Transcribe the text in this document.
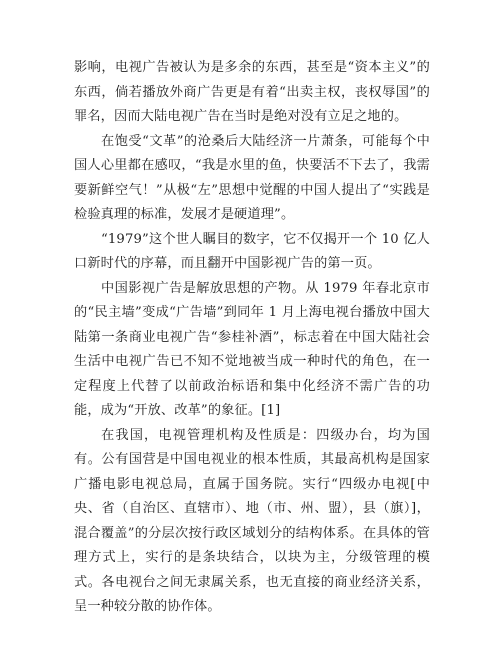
影响，电视广告被认为是多余的东西，甚至是“资本主义”的东西，倘若播放外商广告更是有着“出卖主权，丧权辱国”的罪名，因而大陆电视广告在当时是绝对没有立足之地的。

在饱受“文革”的沧桑后大陆经济一片萧条，可能每个中国人心里都在感叹，“我是水里的鱼，快要活不下去了，我需要新鲜空气！”从极“左”思想中觉醒的中国人提出了“实践是检验真理的标准，发展才是硬道理”。

“1979”这个世人瞩目的数字，它不仅揭开一个 10 亿人口新时代的序幕，而且翻开中国影视广告的第一页。

中国影视广告是解放思想的产物。从 1979 年春北京市的“民主墙”变成“广告墙”到同年 1 月上海电视台播放中国大陆第一条商业电视广告“参桂补酒”，标志着在中国大陆社会生活中电视广告已不知不觉地被当成一种时代的角色，在一定程度上代替了以前政治标语和集中化经济不需广告的功能，成为“开放、改革”的象征。[1]

在我国，电视管理机构及性质是：四级办台，均为国有。公有国营是中国电视业的根本性质，其最高机构是国家广播电影电视总局，直属于国务院。实行“四级办电视[中央、省（自治区、直辖市）、地（市、州、盟），县（旗）]，混合覆盖”的分层次按行政区域划分的结构体系。在具体的管理方式上，实行的是条块结合，以块为主，分级管理的模式。各电视台之间无隶属关系，也无直接的商业经济关系，呈一种较分散的协作体。
